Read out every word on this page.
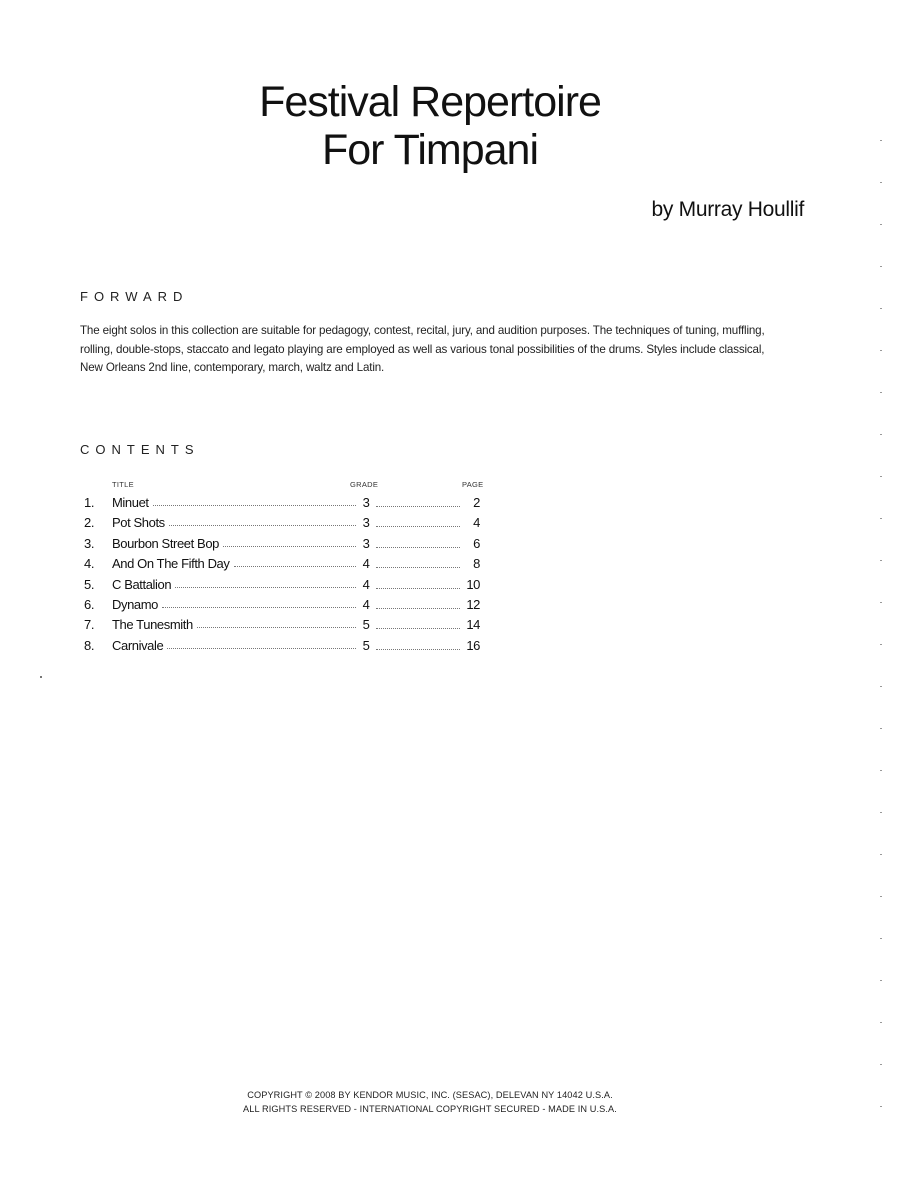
Festival Repertoire
For Timpani
by Murray Houllif
FORWARD
The eight solos in this collection are suitable for pedagogy, contest, recital, jury, and audition purposes. The techniques of tuning, muffling, rolling, double-stops, staccato and legato playing are employed as well as various tonal possibilities of the drums. Styles include classical, New Orleans 2nd line, contemporary, march, waltz and Latin.
CONTENTS
TITLE	GRADE	PAGE
1.	Minuet	3	2
2.	Pot Shots	3	4
3.	Bourbon Street Bop	3	6
4.	And On The Fifth Day	4	8
5.	C Battalion	4	10
6.	Dynamo	4	12
7.	The Tunesmith	5	14
8.	Carnivale	5	16
COPYRIGHT © 2008 BY KENDOR MUSIC, INC. (SESAC), DELEVAN NY 14042 U.S.A.
ALL RIGHTS RESERVED - INTERNATIONAL COPYRIGHT SECURED - MADE IN U.S.A.
